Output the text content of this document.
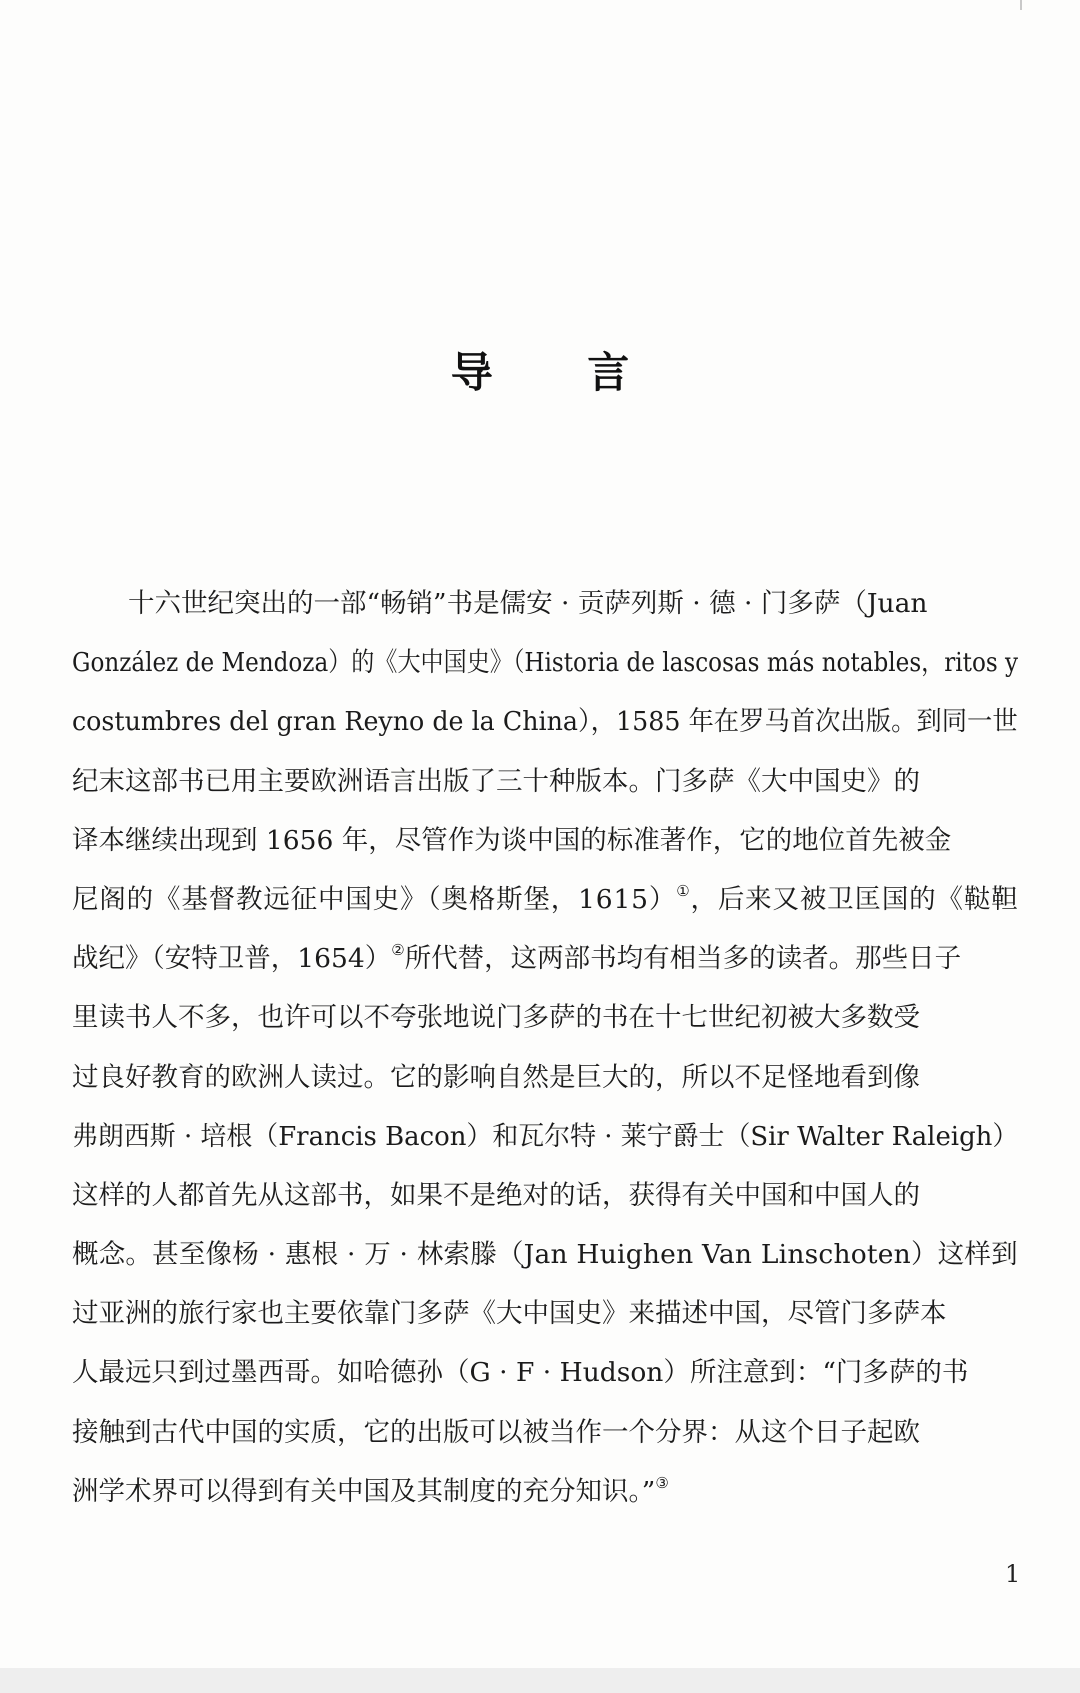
导 言
十六世纪突出的一部“畅销”书是儒安 · 贡萨列斯 · 德 · 门多萨（Juan
González de Mendoza）的《大中国史》（Historia de lascosas más notables，ritos y
costumbres del gran Reyno de la China），1585 年在罗马首次出版。到同一世
纪末这部书已用主要欧洲语言出版了三十种版本。门多萨《大中国史》的
译本继续出现到 1656 年，尽管作为谈中国的标准著作，它的地位首先被金
尼阁的《基督教远征中国史》（奥格斯堡，1615）①，后来又被卫匡国的《鞑靼
战纪》（安特卫普，1654）②所代替，这两部书均有相当多的读者。那些日子
里读书人不多，也许可以不夸张地说门多萨的书在十七世纪初被大多数受
过良好教育的欧洲人读过。它的影响自然是巨大的，所以不足怪地看到像
弗朗西斯 · 培根（Francis Bacon）和瓦尔特 · 莱宁爵士（Sir Walter Raleigh）
这样的人都首先从这部书，如果不是绝对的话，获得有关中国和中国人的
概念。甚至像杨 · 惠根 · 万 · 林索滕（Jan Huighen Van Linschoten）这样到
过亚洲的旅行家也主要依靠门多萨《大中国史》来描述中国，尽管门多萨本
人最远只到过墨西哥。如哈德孙（G · F · Hudson）所注意到：“门多萨的书
接触到古代中国的实质，它的出版可以被当作一个分界：从这个日子起欧
洲学术界可以得到有关中国及其制度的充分知识。”③
1
